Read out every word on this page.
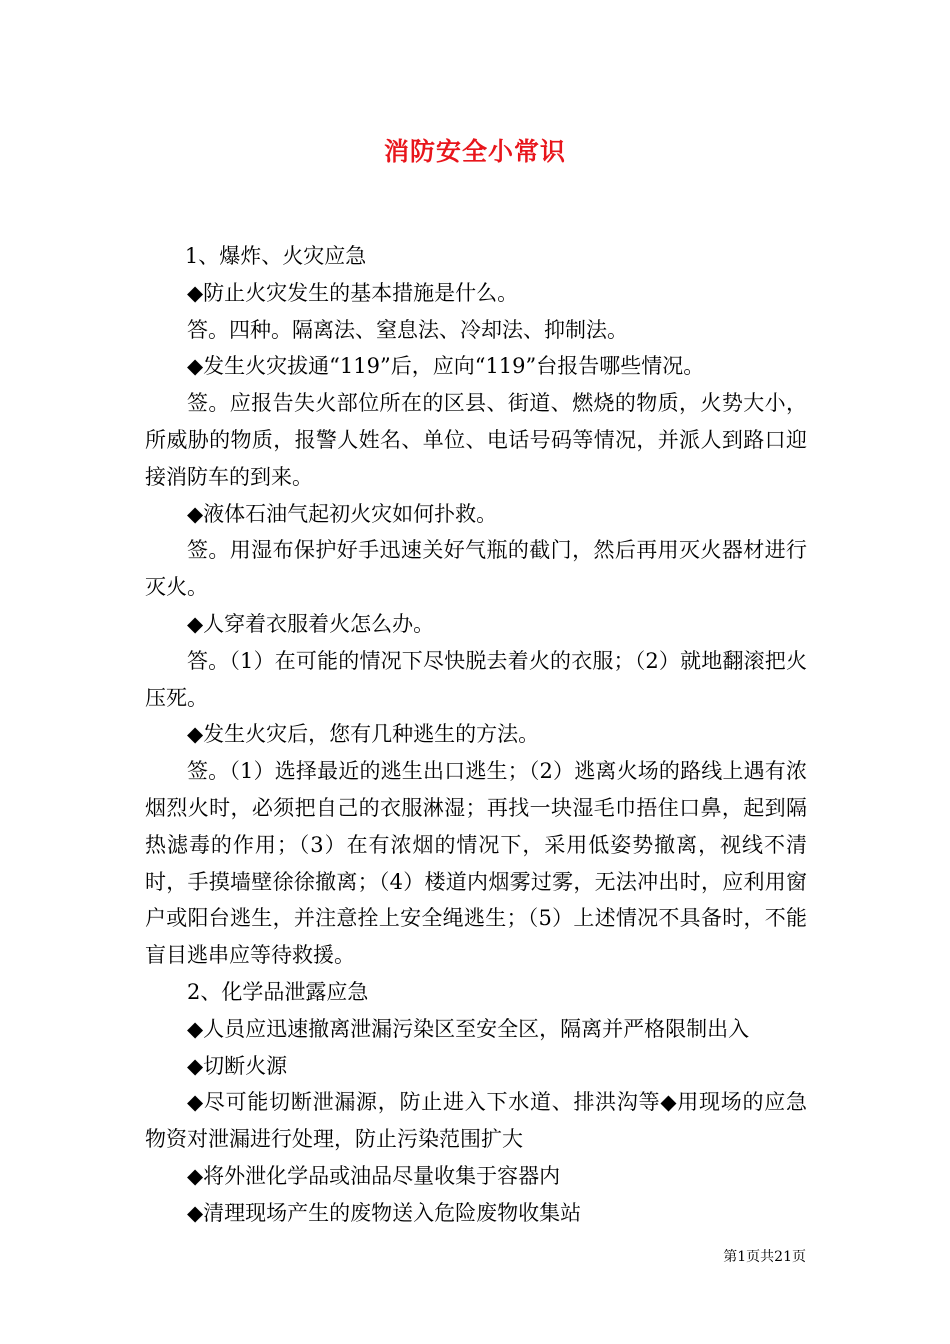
消防安全小常识

1、爆炸、火灾应急

◆防止火灾发生的基本措施是什么。

答。四种。隔离法、窒息法、冷却法、抑制法。

◆发生火灾拔通“119”后，应向“119”台报告哪些情况。

签。应报告失火部位所在的区县、街道、燃烧的物质，火势大小，所威胁的物质，报警人姓名、单位、电话号码等情况，并派人到路口迎接消防车的到来。

◆液体石油气起初火灾如何扑救。

签。用湿布保护好手迅速关好气瓶的截门，然后再用灭火器材进行灭火。

◆人穿着衣服着火怎么办。

答。（1）在可能的情况下尽快脱去着火的衣服；（2）就地翻滚把火压死。

◆发生火灾后，您有几种逃生的方法。

签。（1）选择最近的逃生出口逃生；（2）逃离火场的路线上遇有浓烟烈火时，必须把自己的衣服淋湿；再找一块湿毛巾捂住口鼻，起到隔热滤毒的作用；（3）在有浓烟的情况下，采用低姿势撤离，视线不清时，手摸墙壁徐徐撤离；（4）楼道内烟雾过雾，无法冲出时，应利用窗户或阳台逃生，并注意拴上安全绳逃生；（5）上述情况不具备时，不能盲目逃串应等待救援。

2、化学品泄露应急

◆人员应迅速撤离泄漏污染区至安全区，隔离并严格限制出入

◆切断火源

◆尽可能切断泄漏源，防止进入下水道、排洪沟等◆用现场的应急物资对泄漏进行处理，防止污染范围扩大

◆将外泄化学品或油品尽量收集于容器内

◆清理现场产生的废物送入危险废物收集站

第1页共21页
